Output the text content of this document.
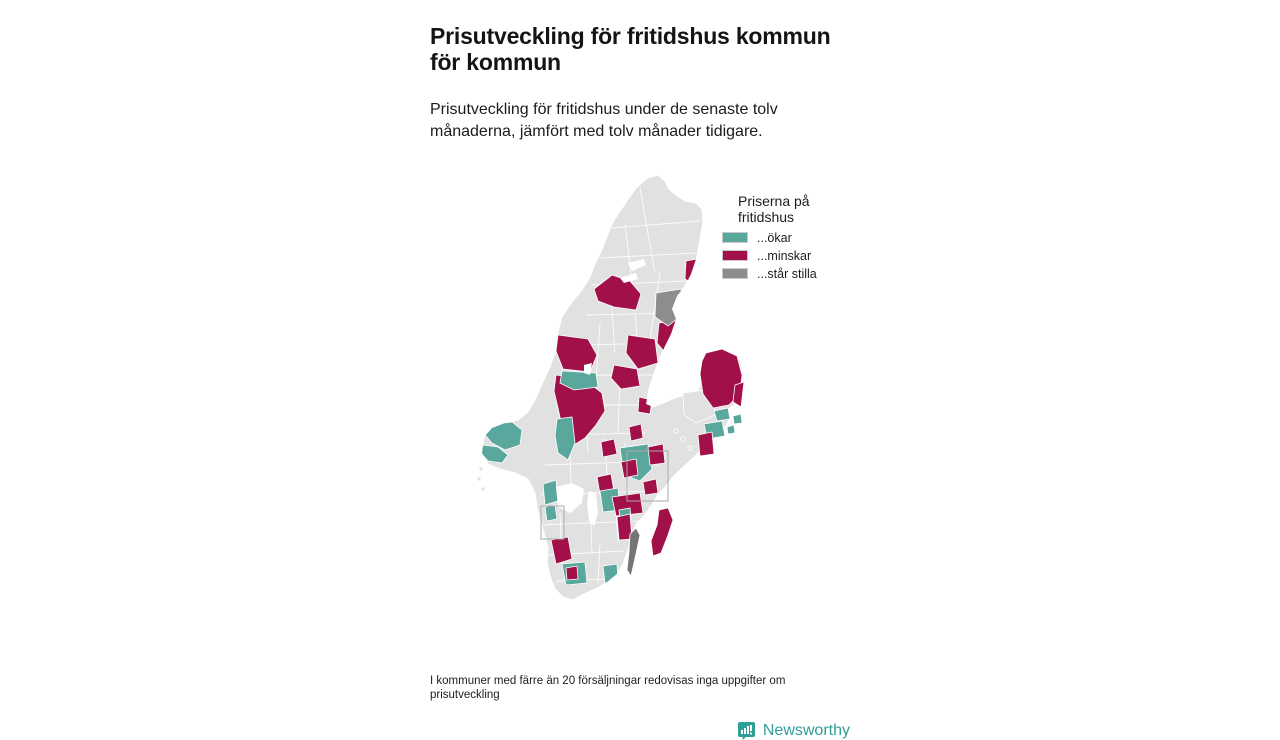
Prisutveckling för fritidshus kommun
för kommun
Prisutveckling för fritidshus under de senaste tolv
månaderna, jämfört med tolv månader tidigare.
Priserna på fritidshus
...ökar
...minskar
...står stilla
I kommuner med färre än 20 försäljningar redovisas inga uppgifter om
prisutveckling
Newsworthy
